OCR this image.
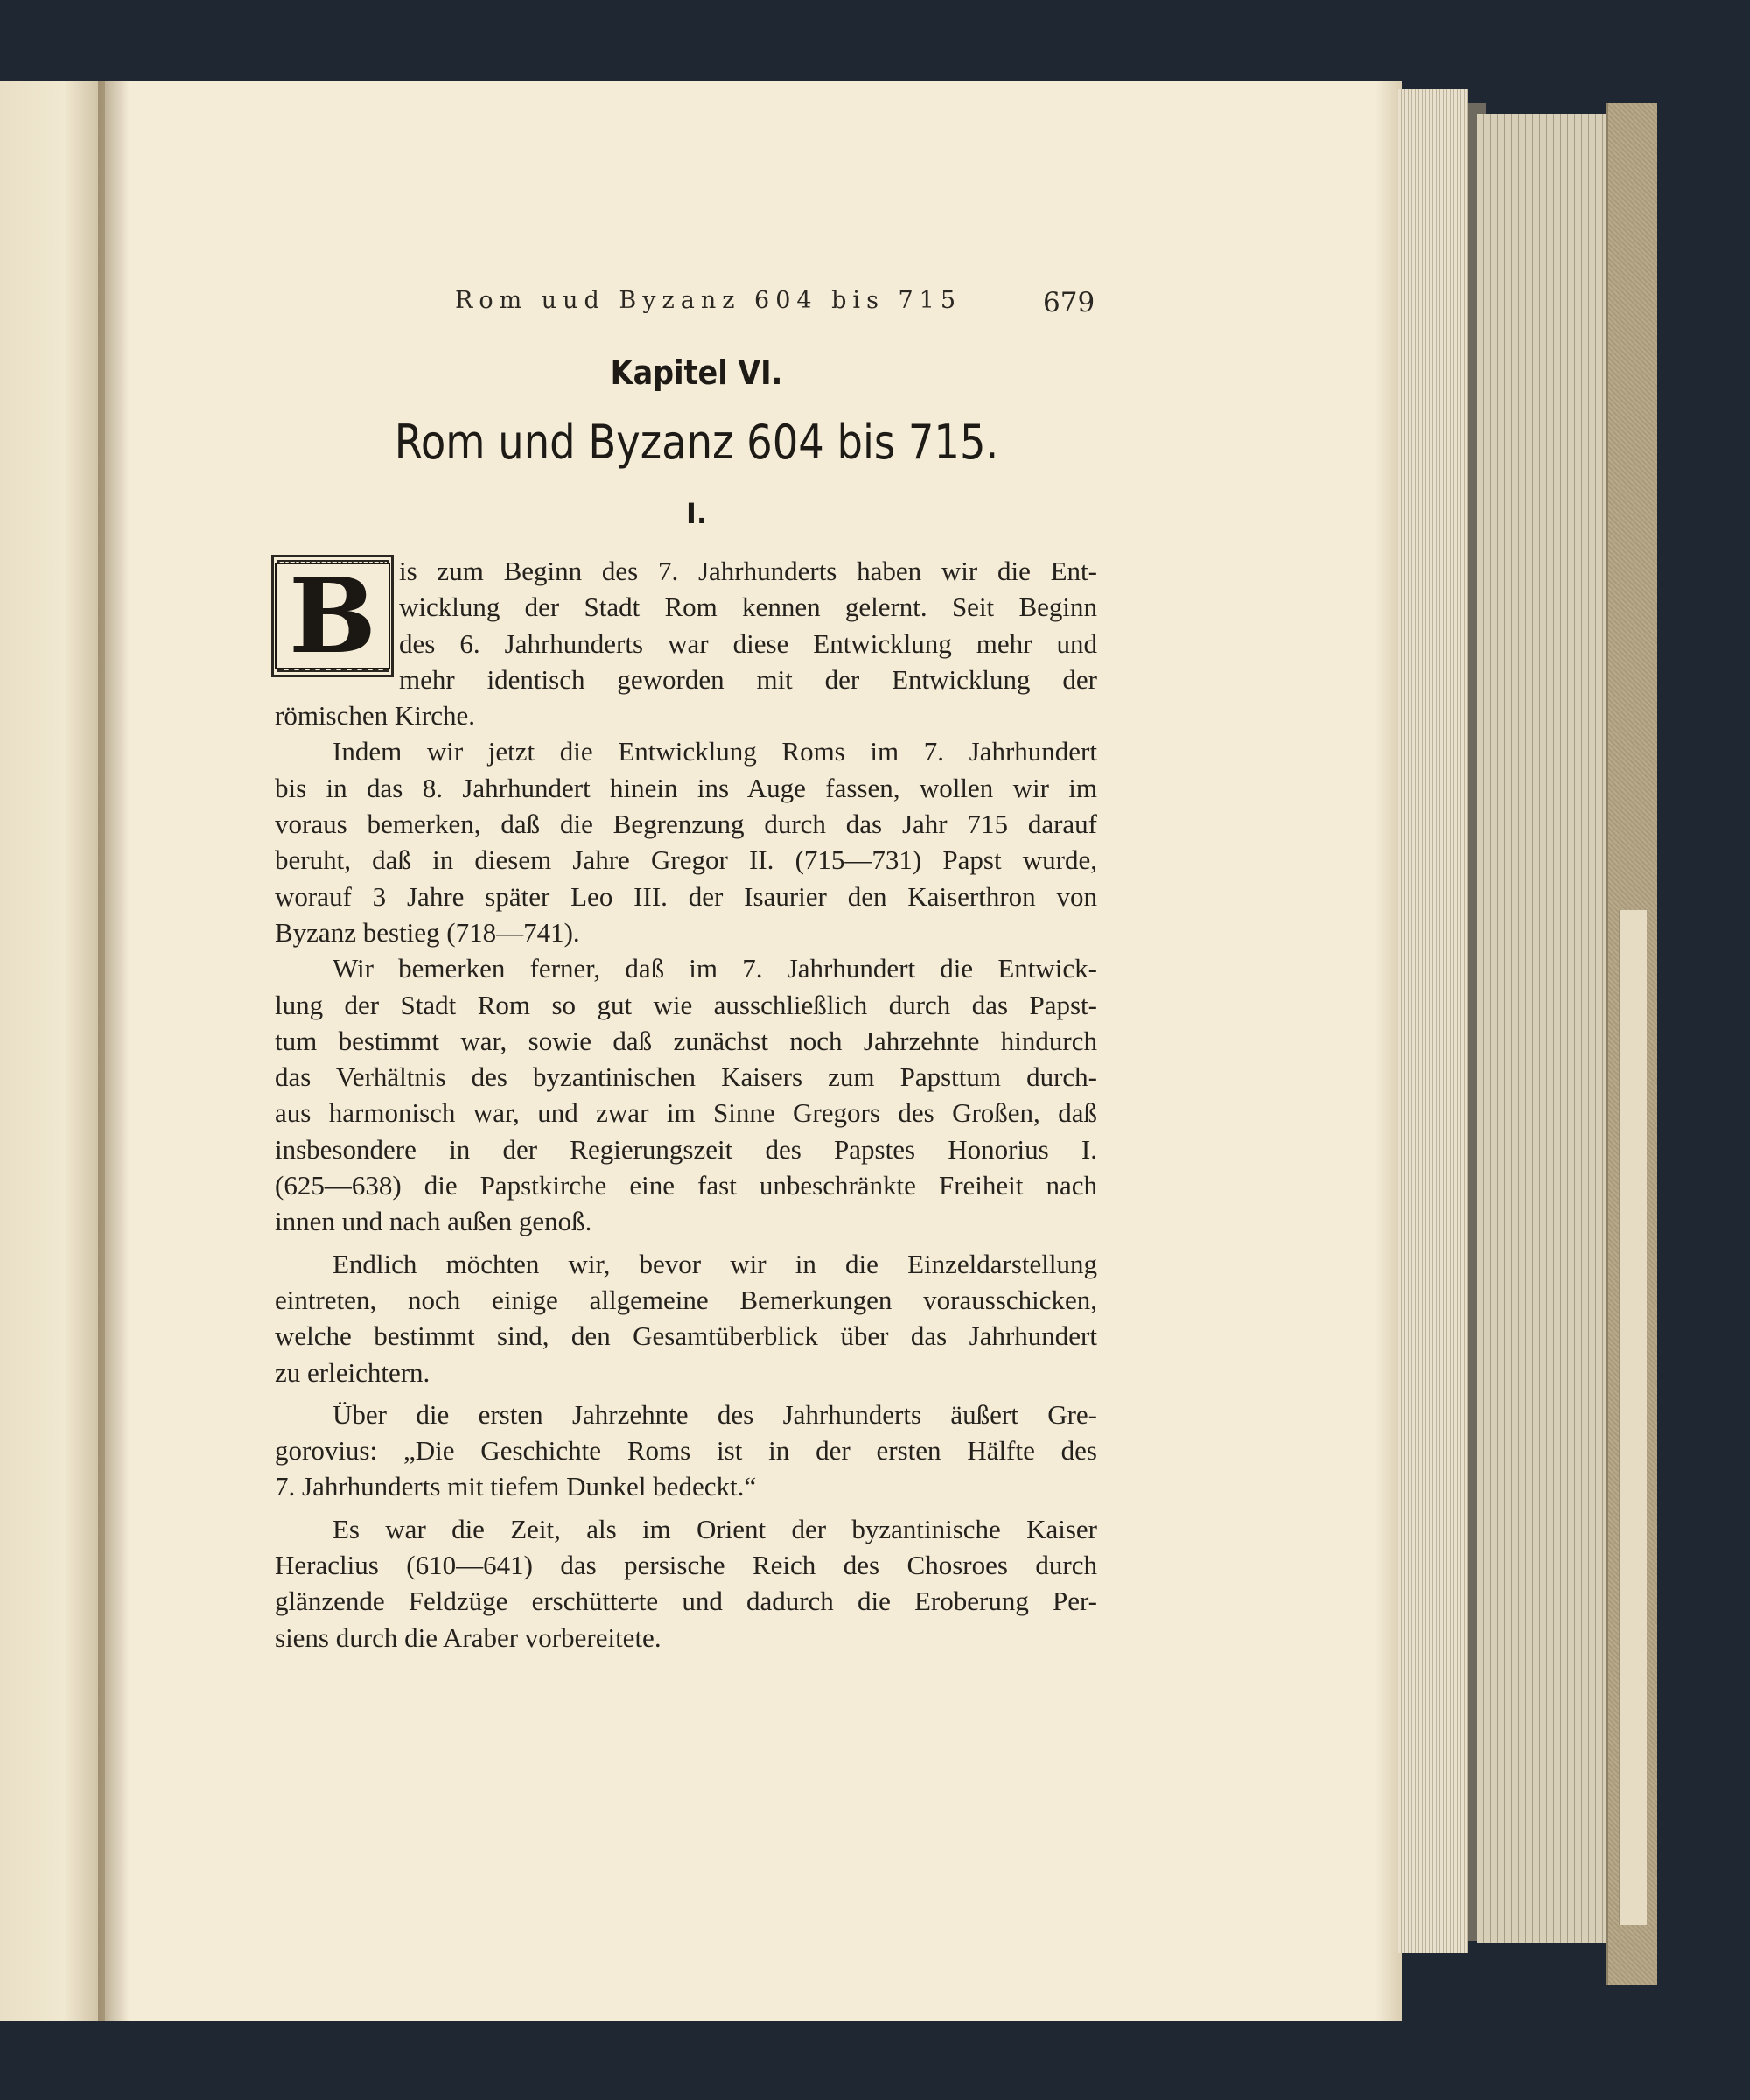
Rom uud Byzanz 604 bis 715	679
Kapitel VI.
Rom und Byzanz 604 bis 715.
I.
B is zum Beginn des 7. Jahrhunderts haben wir die Ent-
wicklung der Stadt Rom kennen gelernt. Seit Beginn
des 6. Jahrhunderts war diese Entwicklung mehr und
mehr identisch geworden mit der Entwicklung der
römischen Kirche.
Indem wir jetzt die Entwicklung Roms im 7. Jahrhundert
bis in das 8. Jahrhundert hinein ins Auge fassen, wollen wir im
voraus bemerken, daß die Begrenzung durch das Jahr 715 darauf
beruht, daß in diesem Jahre Gregor II. (715—731) Papst wurde,
worauf 3 Jahre später Leo III. der Isaurier den Kaiserthron von
Byzanz bestieg (718—741).
Wir bemerken ferner, daß im 7. Jahrhundert die Entwick-
lung der Stadt Rom so gut wie ausschließlich durch das Papst-
tum bestimmt war, sowie daß zunächst noch Jahrzehnte hindurch
das Verhältnis des byzantinischen Kaisers zum Papsttum durch-
aus harmonisch war, und zwar im Sinne Gregors des Großen, daß
insbesondere in der Regierungszeit des Papstes Honorius I.
(625—638) die Papstkirche eine fast unbeschränkte Freiheit nach
innen und nach außen genoß.
Endlich möchten wir, bevor wir in die Einzeldarstellung
eintreten, noch einige allgemeine Bemerkungen vorausschicken,
welche bestimmt sind, den Gesamtüberblick über das Jahrhundert
zu erleichtern.
Über die ersten Jahrzehnte des Jahrhunderts äußert Gre-
gorovius: „Die Geschichte Roms ist in der ersten Hälfte des
7. Jahrhunderts mit tiefem Dunkel bedeckt.“
Es war die Zeit, als im Orient der byzantinische Kaiser
Heraclius (610—641) das persische Reich des Chosroes durch
glänzende Feldzüge erschütterte und dadurch die Eroberung Per-
siens durch die Araber vorbereitete.
